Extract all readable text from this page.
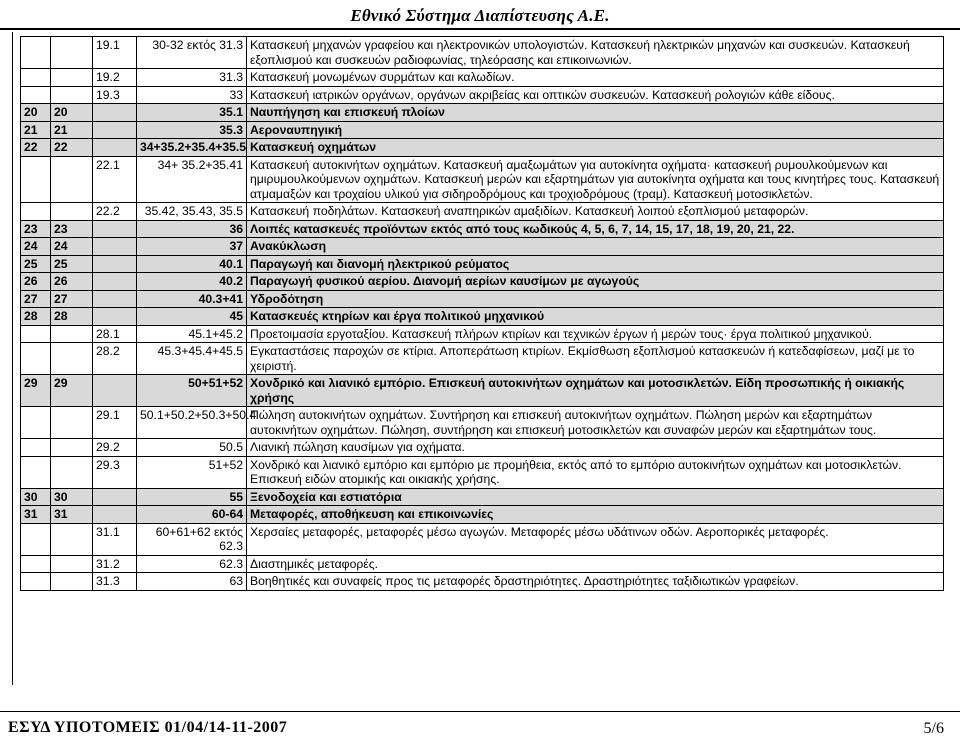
Εθνικό Σύστημα Διαπίστευσης Α.Ε.
		19.1	30-32 εκτός 31.3	Κατασκευή μηχανών γραφείου και ηλεκτρονικών υπολογιστών. Κατασκευή ηλεκτρικών μηχανών και συσκευών. Κατασκευή εξοπλισμού και συσκευών ραδιοφωνίας, τηλεόρασης και επικοινωνιών.
		19.2	31.3	Κατασκευή μονωμένων συρμάτων και καλωδίων.
		19.3	33	Κατασκευή ιατρικών οργάνων, οργάνων ακριβείας και οπτικών συσκευών. Κατασκευή ρολογιών κάθε είδους.
20	20		35.1	Ναυπήγηση και επισκευή πλοίων
21	21		35.3	Αεροναυπηγική
22	22		34+35.2+35.4+35.5	Κατασκευή οχημάτων
		22.1	34+ 35.2+35.41	Κατασκευή αυτοκινήτων οχημάτων. Κατασκευή αμαξωμάτων για αυτοκίνητα οχήματα· κατασκευή ρυμουλκούμενων και ημιρυμουλκούμενων οχημάτων. Κατασκευή μερών και εξαρτημάτων για αυτοκίνητα οχήματα και τους κινητήρες τους. Κατασκευή ατμαμαξών και τροχαίου υλικού για σιδηροδρόμους και τροχιοδρόμους (τραμ). Κατασκευή μοτοσικλετών.
		22.2	35.42, 35.43, 35.5	Κατασκευή ποδηλάτων. Κατασκευή αναπηρικών αμαξιδίων. Κατασκευή λοιπού εξοπλισμού μεταφορών.
23	23		36	Λοιπές κατασκευές προϊόντων εκτός από τους κωδικούς 4, 5, 6, 7, 14, 15, 17, 18, 19, 20, 21, 22.
24	24		37	Ανακύκλωση
25	25		40.1	Παραγωγή και διανομή ηλεκτρικού ρεύματος
26	26		40.2	Παραγωγή φυσικού αερίου. Διανομή αερίων καυσίμων με αγωγούς
27	27		40.3+41	Υδροδότηση
28	28		45	Κατασκευές κτηρίων και έργα πολιτικού μηχανικού
		28.1	45.1+45.2	Προετοιμασία εργοταξίου. Κατασκευή πλήρων κτιρίων και τεχνικών έργων ή μερών τους· έργα πολιτικού μηχανικού.
		28.2	45.3+45.4+45.5	Εγκαταστάσεις παροχών σε κτίρια. Αποπεράτωση κτιρίων. Εκμίσθωση εξοπλισμού κατασκευών ή κατεδαφίσεων, μαζί με το χειριστή.
29	29		50+51+52	Χονδρικό και λιανικό εμπόριο. Επισκευή αυτοκινήτων οχημάτων και μοτοσικλετών. Είδη προσωπικής ή οικιακής χρήσης
		29.1	50.1+50.2+50.3+50.4	Πώληση αυτοκινήτων οχημάτων. Συντήρηση και επισκευή αυτοκινήτων οχημάτων. Πώληση μερών και εξαρτημάτων αυτοκινήτων οχημάτων. Πώληση, συντήρηση και επισκευή μοτοσικλετών και συναφών μερών και εξαρτημάτων τους.
		29.2	50.5	Λιανική πώληση καυσίμων για οχήματα.
		29.3	51+52	Χονδρικό και λιανικό εμπόριο και εμπόριο με προμήθεια, εκτός από το εμπόριο αυτοκινήτων οχημάτων και μοτοσικλετών. Επισκευή ειδών ατομικής και οικιακής χρήσης.
30	30		55	Ξενοδοχεία και εστιατόρια
31	31		60-64	Μεταφορές, αποθήκευση και επικοινωνίες
		31.1	60+61+62 εκτός 62.3	Χερσαίες μεταφορές, μεταφορές μέσω αγωγών. Μεταφορές μέσω υδάτινων οδών. Αεροπορικές μεταφορές.
		31.2	62.3	Διαστημικές μεταφορές.
		31.3	63	Βοηθητικές και συναφείς προς τις μεταφορές δραστηριότητες. Δραστηριότητες ταξιδιωτικών γραφείων.
ΕΣΥΔ ΥΠΟΤΟΜΕΙΣ 01/04/14-11-2007	5/6
